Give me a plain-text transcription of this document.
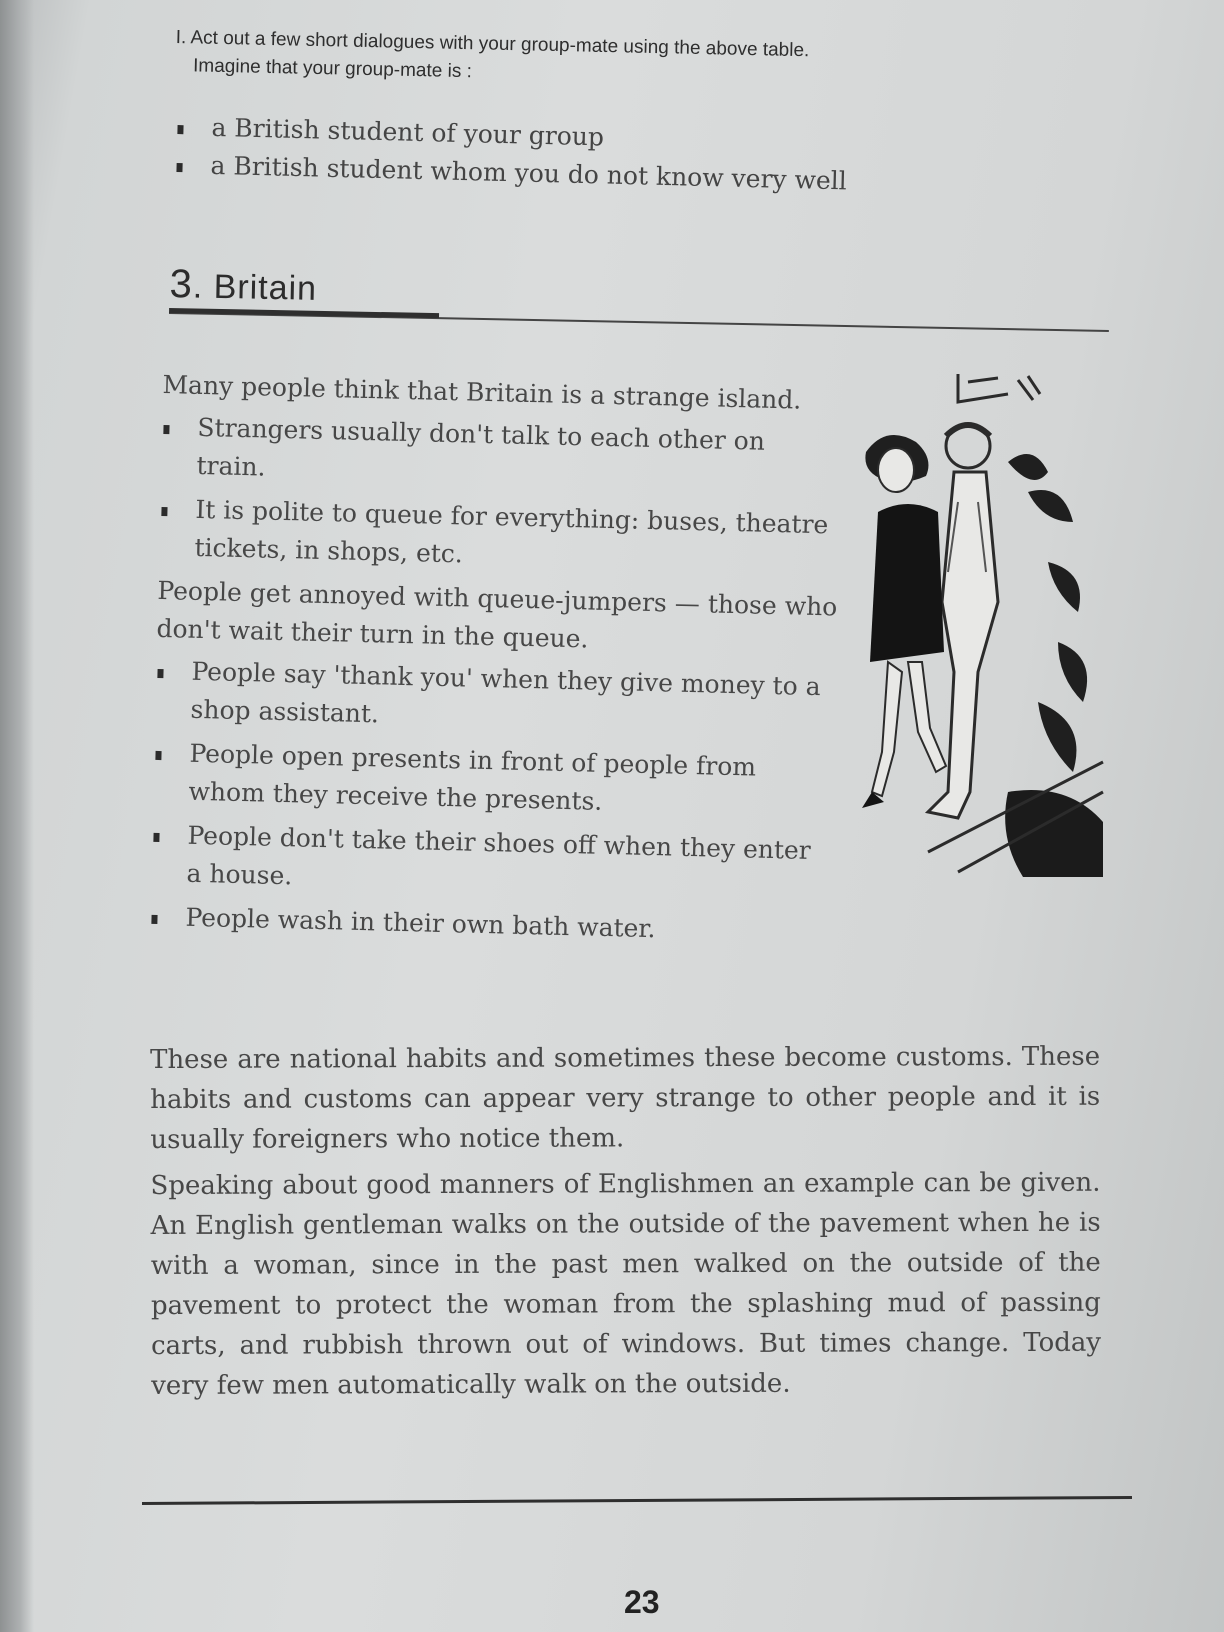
I. Act out a few short dialogues with your group-mate using the above table.
Imagine that your group-mate is :
a British student of your group
a British student whom you do not know very well
3. Britain

Many people think that Britain is a strange island.

Strangers usually don't talk to each other on train.
It is polite to queue for everything: buses, theatre tickets, in shops, etc.

People get annoyed with queue-jumpers — those who don't wait their turn in the queue.

People say 'thank you' when they give money to a shop assistant.
People open presents in front of people from whom they receive the presents.
People don't take their shoes off when they enter a house.
People wash in their own bath water.

These are national habits and sometimes these become customs. These habits and customs can appear very strange to other people and it is usually foreigners who notice them.

Speaking about good manners of Englishmen an example can be given. An English gentleman walks on the outside of the pavement when he is with a woman, since in the past men walked on the outside of the pavement to protect the woman from the splashing mud of passing carts, and rubbish thrown out of windows. But times change. Today very few men automatically walk on the outside.

23
